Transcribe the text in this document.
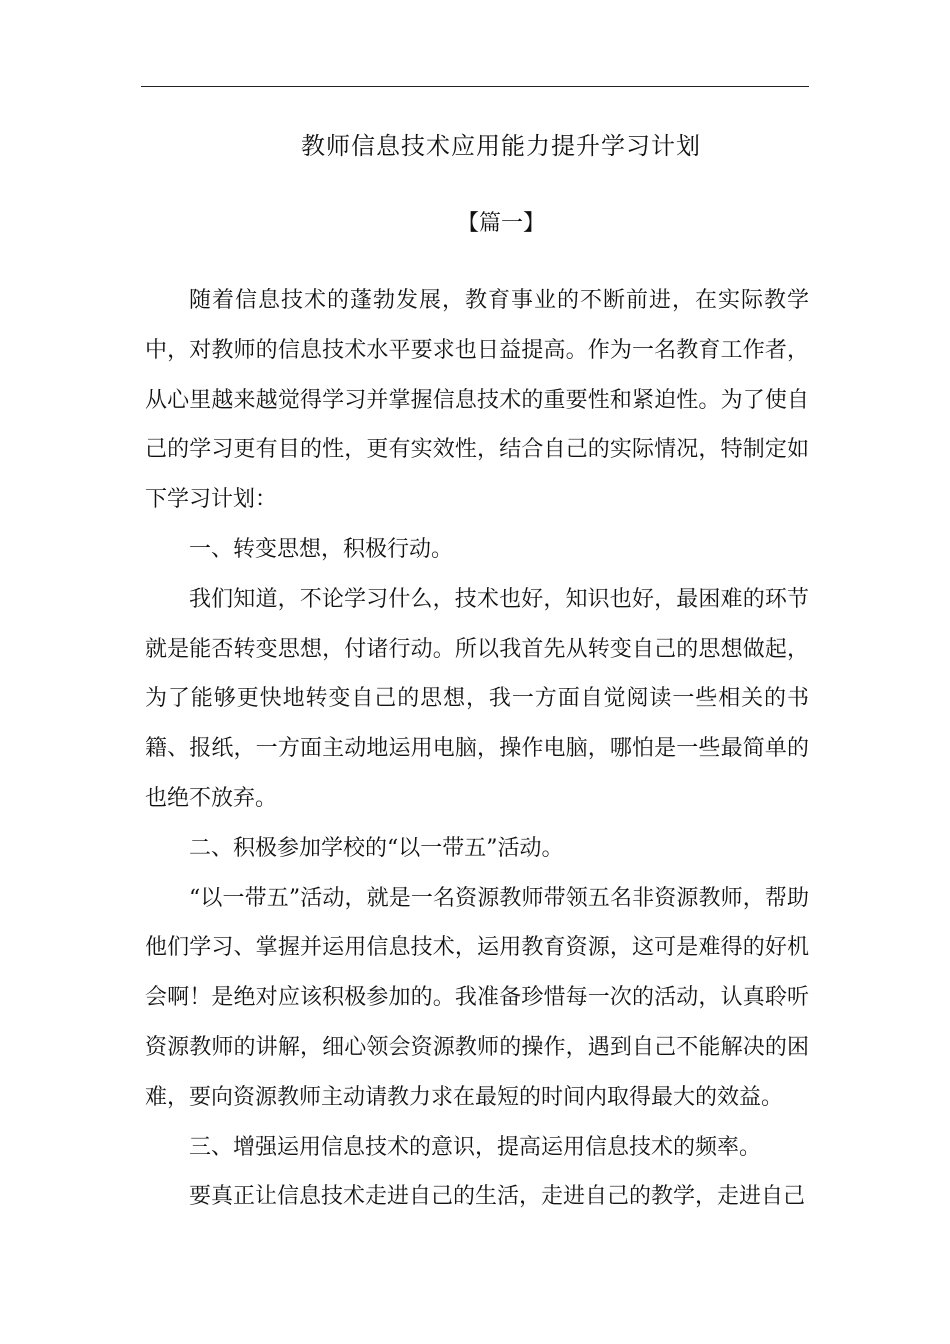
教师信息技术应用能力提升学习计划
【篇一】

随着信息技术的蓬勃发展，教育事业的不断前进，在实际教学中，对教师的信息技术水平要求也日益提高。作为一名教育工作者，从心里越来越觉得学习并掌握信息技术的重要性和紧迫性。为了使自己的学习更有目的性，更有实效性，结合自己的实际情况，特制定如下学习计划：

一、转变思想，积极行动。

我们知道，不论学习什么，技术也好，知识也好，最困难的环节就是能否转变思想，付诸行动。所以我首先从转变自己的思想做起，为了能够更快地转变自己的思想，我一方面自觉阅读一些相关的书籍、报纸，一方面主动地运用电脑，操作电脑，哪怕是一些最简单的也绝不放弃。

二、积极参加学校的“以一带五”活动。

“以一带五”活动，就是一名资源教师带领五名非资源教师，帮助他们学习、掌握并运用信息技术，运用教育资源，这可是难得的好机会啊！是绝对应该积极参加的。我准备珍惜每一次的活动，认真聆听资源教师的讲解，细心领会资源教师的操作，遇到自己不能解决的困难，要向资源教师主动请教力求在最短的时间内取得最大的效益。

三、增强运用信息技术的意识，提高运用信息技术的频率。

要真正让信息技术走进自己的生活，走进自己的教学，走进自己
